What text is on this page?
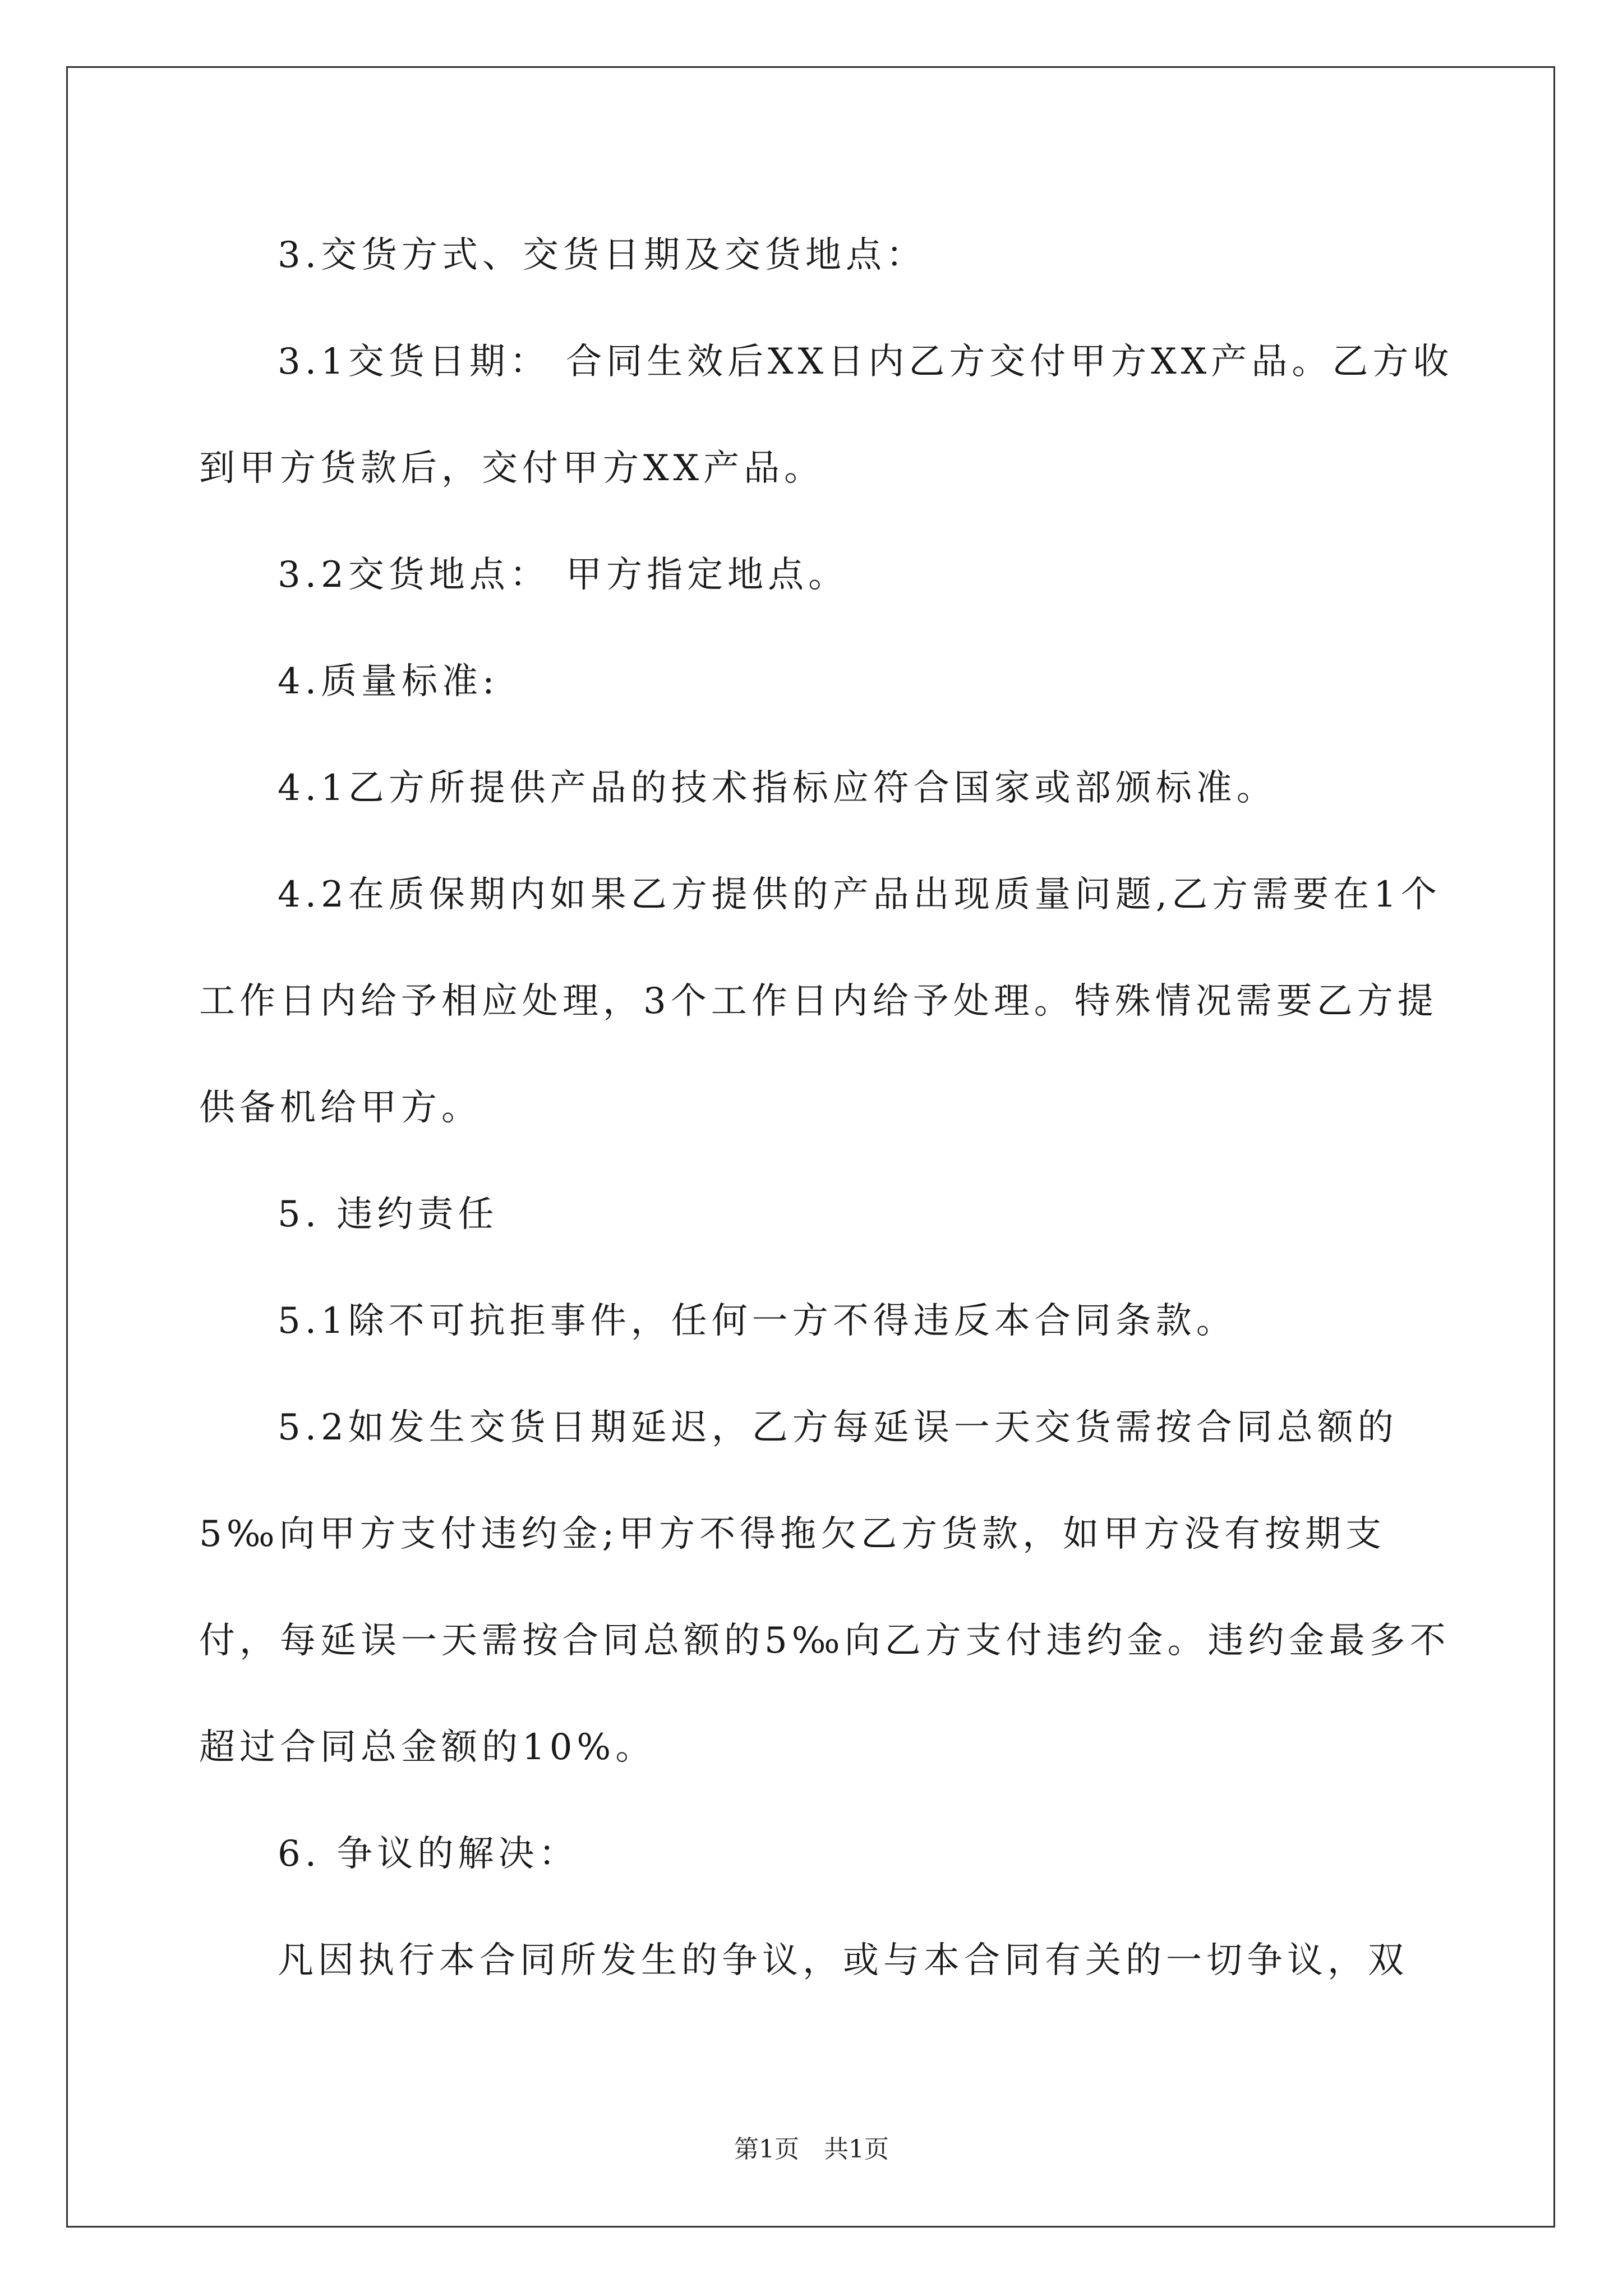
3.交货方式、交货日期及交货地点：

3.1交货日期： 合同生效后XX日内乙方交付甲方XX产品。乙方收到甲方货款后，交付甲方XX产品。

3.2交货地点： 甲方指定地点。

4.质量标准:

4.1乙方所提供产品的技术指标应符合国家或部颁标准。

4.2在质保期内如果乙方提供的产品出现质量问题,乙方需要在1个工作日内给予相应处理，3个工作日内给予处理。特殊情况需要乙方提供备机给甲方。

5. 违约责任

5.1除不可抗拒事件，任何一方不得违反本合同条款。

5.2如发生交货日期延迟，乙方每延误一天交货需按合同总额的5‰向甲方支付违约金;甲方不得拖欠乙方货款，如甲方没有按期支付，每延误一天需按合同总额的5‰向乙方支付违约金。违约金最多不超过合同总金额的10%。

6. 争议的解决：

凡因执行本合同所发生的争议，或与本合同有关的一切争议，双

第1页　共1页
